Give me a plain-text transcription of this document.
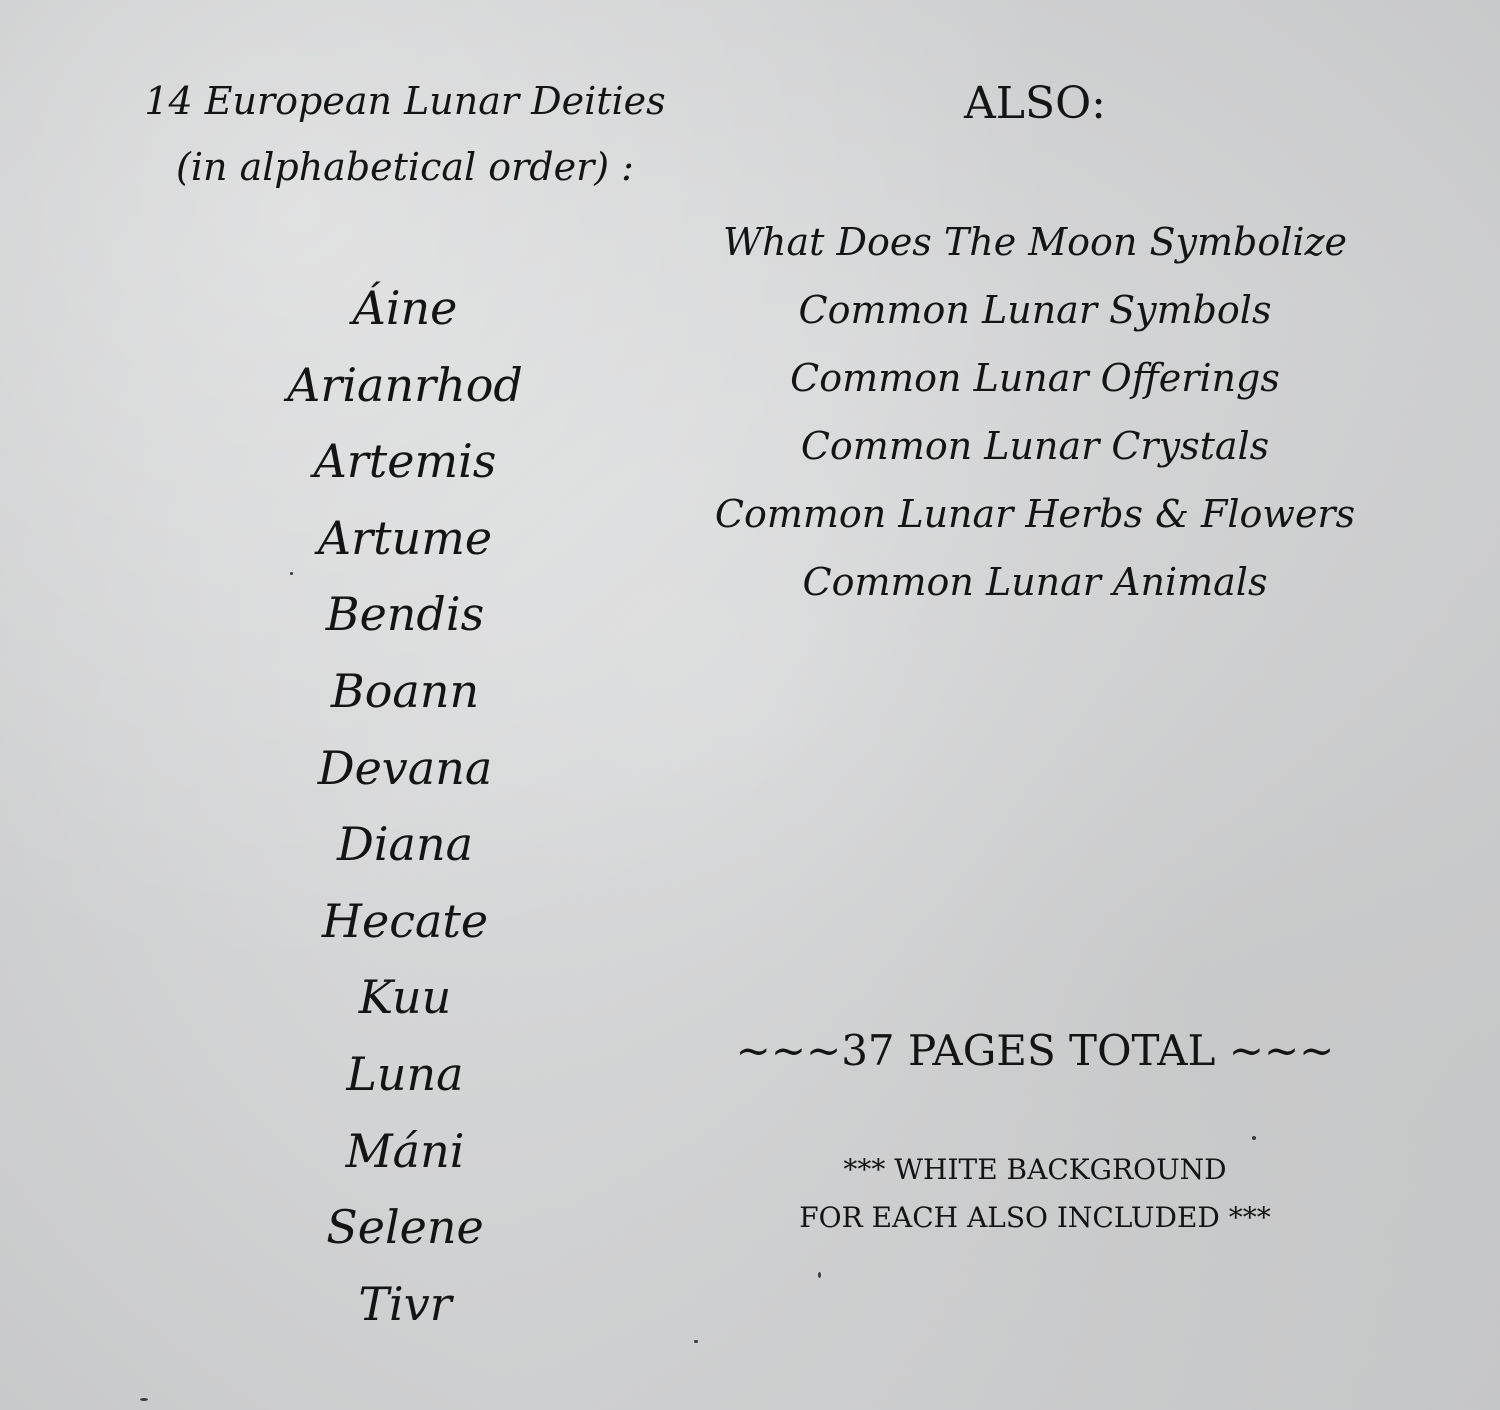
14 European Lunar Deities

(in alphabetical order) :

Áine
Arianrhod
Artemis
Artume
Bendis
Boann
Devana
Diana
Hecate
Kuu
Luna
Máni
Selene
Tivr
ALSO:
What Does The Moon Symbolize
Common Lunar Symbols
Common Lunar Offerings
Common Lunar Crystals
Common Lunar Herbs & Flowers
Common Lunar Animals

~~~37 PAGES TOTAL ~~~

*** WHITE BACKGROUND
FOR EACH ALSO INCLUDED ***
